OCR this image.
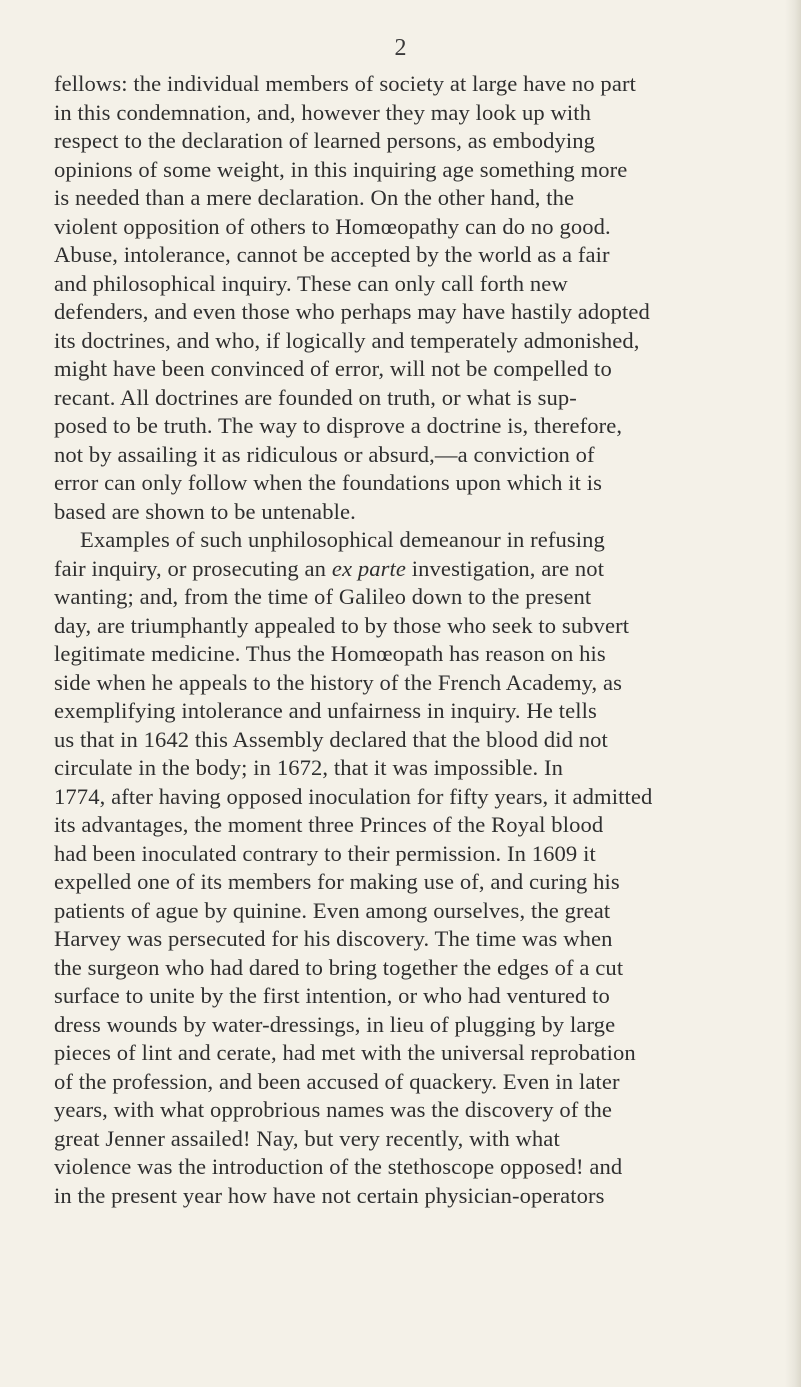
2
fellows: the individual members of society at large have no part
in this condemnation, and, however they may look up with
respect to the declaration of learned persons, as embodying
opinions of some weight, in this inquiring age something more
is needed than a mere declaration. On the other hand, the
violent opposition of others to Homœopathy can do no good.
Abuse, intolerance, cannot be accepted by the world as a fair
and philosophical inquiry. These can only call forth new
defenders, and even those who perhaps may have hastily adopted
its doctrines, and who, if logically and temperately admonished,
might have been convinced of error, will not be compelled to
recant. All doctrines are founded on truth, or what is sup-
posed to be truth. The way to disprove a doctrine is, therefore,
not by assailing it as ridiculous or absurd,—a conviction of
error can only follow when the foundations upon which it is
based are shown to be untenable.
Examples of such unphilosophical demeanour in refusing
fair inquiry, or prosecuting an ex parte investigation, are not
wanting; and, from the time of Galileo down to the present
day, are triumphantly appealed to by those who seek to subvert
legitimate medicine. Thus the Homœopath has reason on his
side when he appeals to the history of the French Academy, as
exemplifying intolerance and unfairness in inquiry. He tells
us that in 1642 this Assembly declared that the blood did not
circulate in the body; in 1672, that it was impossible. In
1774, after having opposed inoculation for fifty years, it admitted
its advantages, the moment three Princes of the Royal blood
had been inoculated contrary to their permission. In 1609 it
expelled one of its members for making use of, and curing his
patients of ague by quinine. Even among ourselves, the great
Harvey was persecuted for his discovery. The time was when
the surgeon who had dared to bring together the edges of a cut
surface to unite by the first intention, or who had ventured to
dress wounds by water-dressings, in lieu of plugging by large
pieces of lint and cerate, had met with the universal reprobation
of the profession, and been accused of quackery. Even in later
years, with what opprobrious names was the discovery of the
great Jenner assailed! Nay, but very recently, with what
violence was the introduction of the stethoscope opposed! and
in the present year how have not certain physician-operators
